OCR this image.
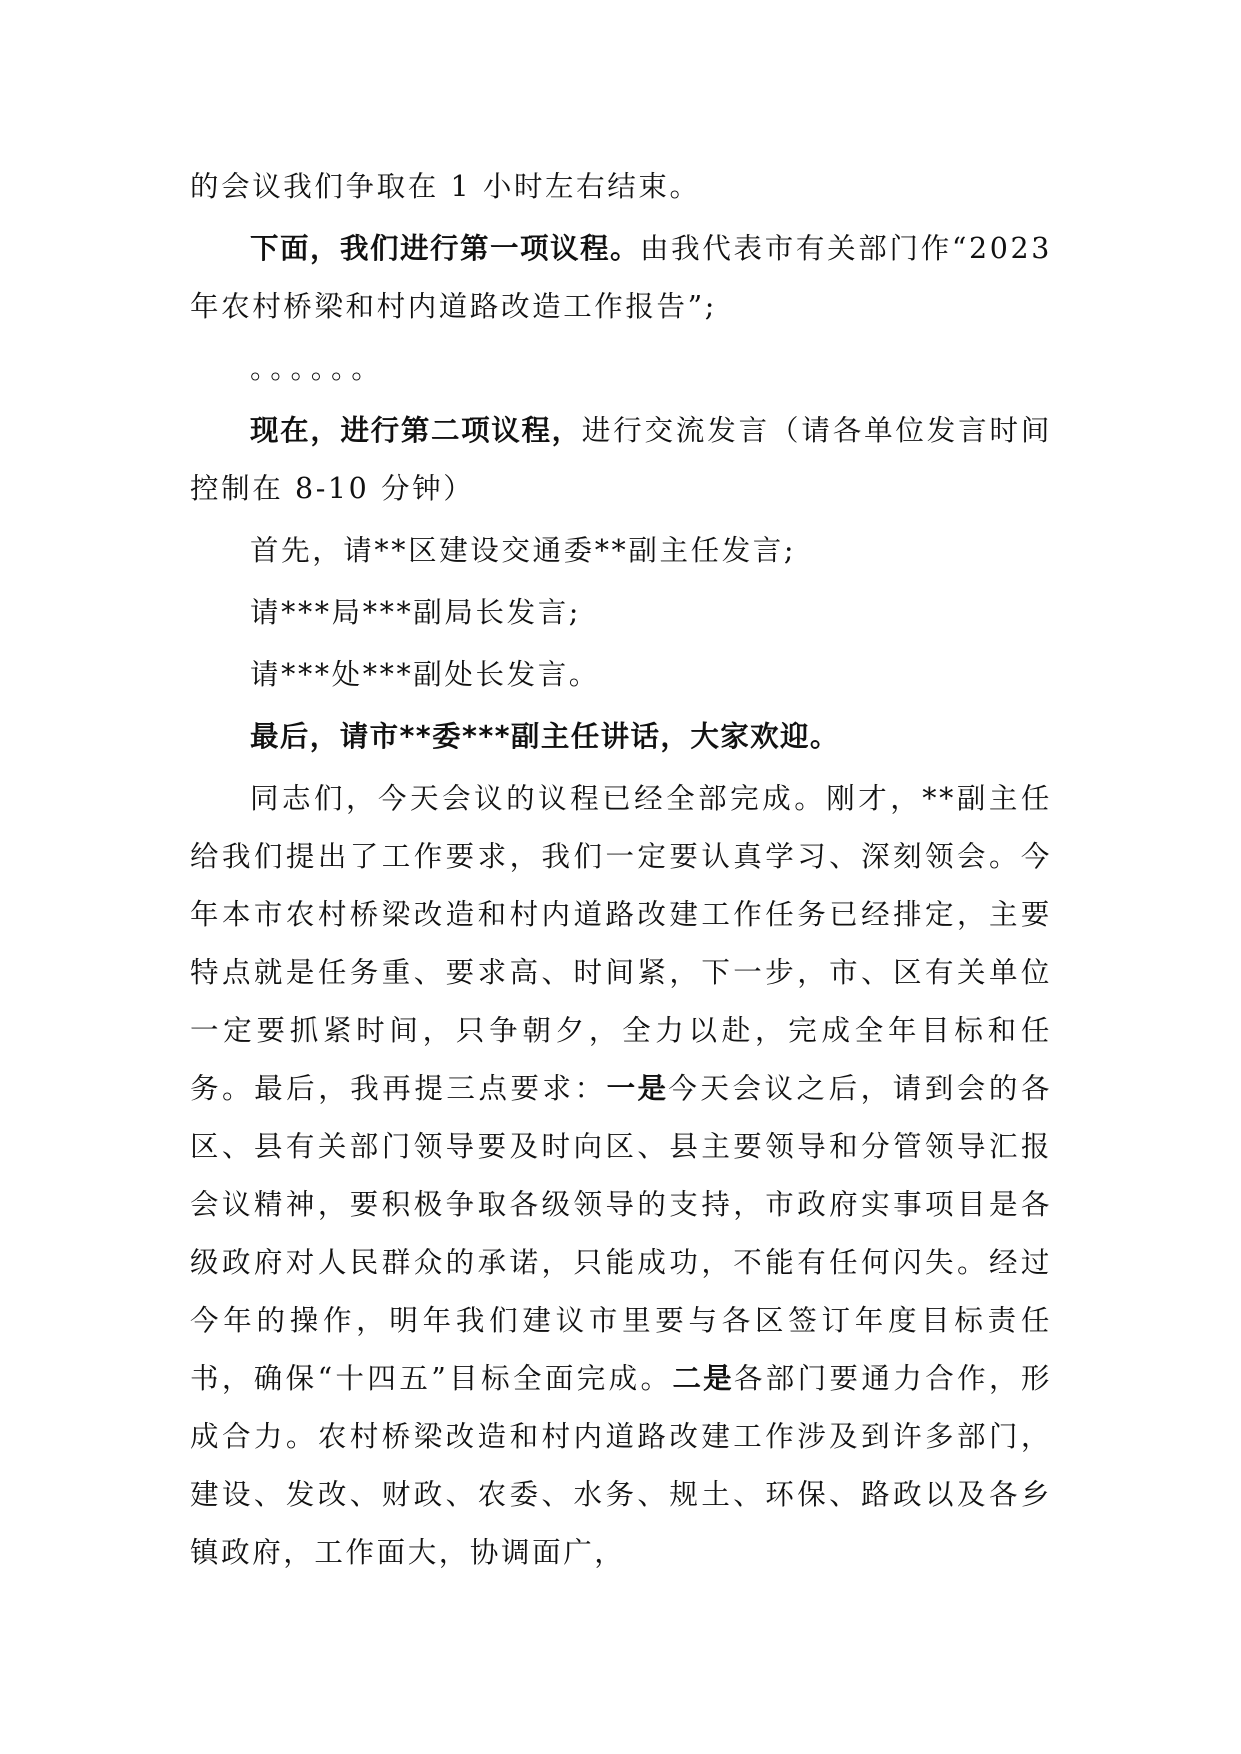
的会议我们争取在 1 小时左右结束。

下面，我们进行第一项议程。由我代表市有关部门作“2023年农村桥梁和村内道路改造工作报告”;

。。。。。。

现在，进行第二项议程，进行交流发言（请各单位发言时间控制在 8-10 分钟）

首先，请**区建设交通委**副主任发言;

请***局***副局长发言;

请***处***副处长发言。

最后，请市**委***副主任讲话，大家欢迎。

同志们，今天会议的议程已经全部完成。刚才，**副主任给我们提出了工作要求，我们一定要认真学习、深刻领会。今年本市农村桥梁改造和村内道路改建工作任务已经排定，主要特点就是任务重、要求高、时间紧，下一步，市、区有关单位一定要抓紧时间，只争朝夕，全力以赴，完成全年目标和任务。最后，我再提三点要求：一是今天会议之后，请到会的各区、县有关部门领导要及时向区、县主要领导和分管领导汇报会议精神，要积极争取各级领导的支持，市政府实事项目是各级政府对人民群众的承诺，只能成功，不能有任何闪失。经过今年的操作，明年我们建议市里要与各区签订年度目标责任书，确保“十四五”目标全面完成。二是各部门要通力合作，形成合力。农村桥梁改造和村内道路改建工作涉及到许多部门，建设、发改、财政、农委、水务、规土、环保、路政以及各乡镇政府，工作面大，协调面广，
